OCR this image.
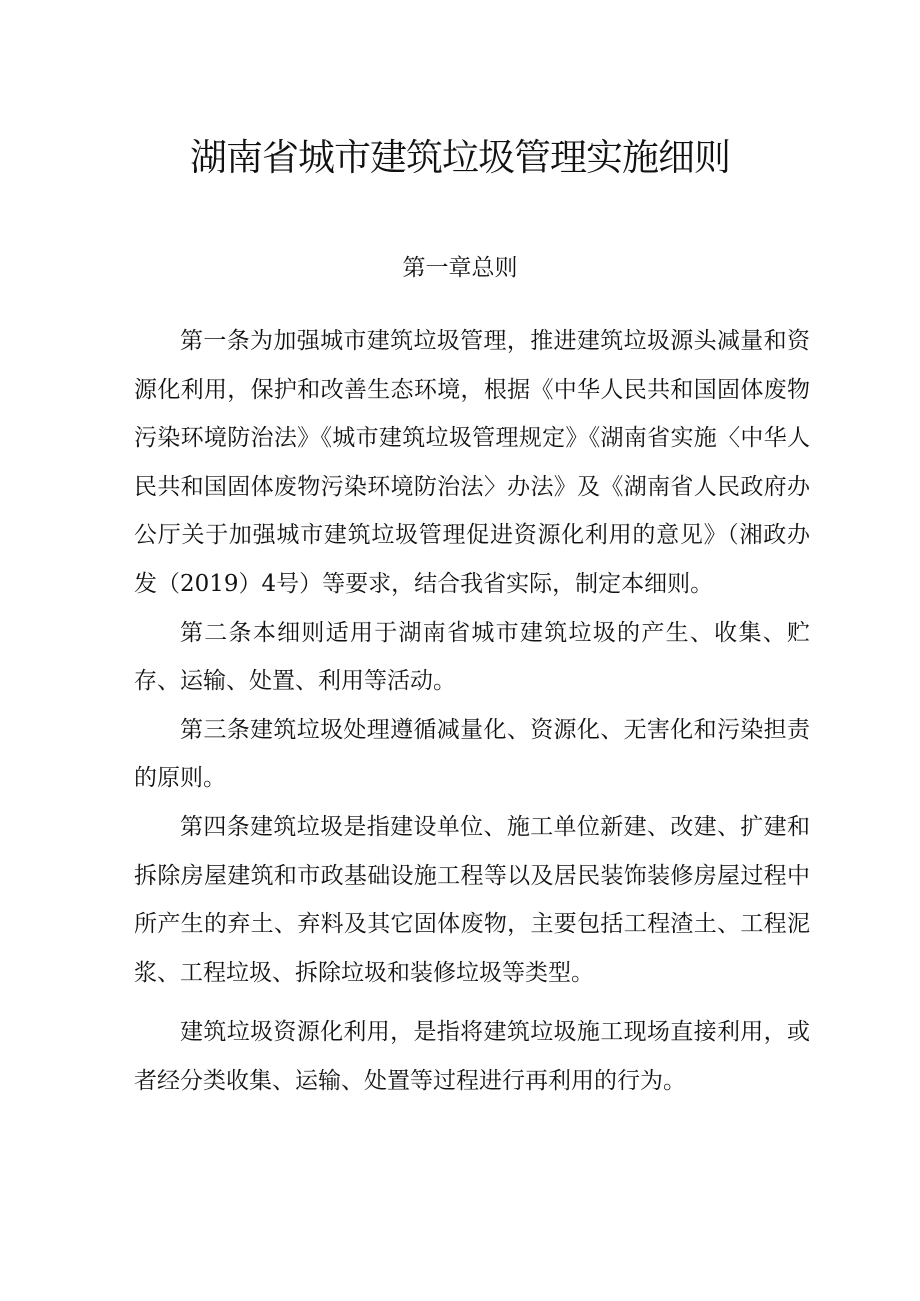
湖南省城市建筑垃圾管理实施细则
第一章总则

第一条为加强城市建筑垃圾管理，推进建筑垃圾源头减量和资源化利用，保护和改善生态环境，根据《中华人民共和国固体废物污染环境防治法》《城市建筑垃圾管理规定》《湖南省实施〈中华人民共和国固体废物污染环境防治法〉办法》及《湖南省人民政府办公厅关于加强城市建筑垃圾管理促进资源化利用的意见》（湘政办发（2019）4号）等要求，结合我省实际，制定本细则。

第二条本细则适用于湖南省城市建筑垃圾的产生、收集、贮存、运输、处置、利用等活动。

第三条建筑垃圾处理遵循减量化、资源化、无害化和污染担责的原则。

第四条建筑垃圾是指建设单位、施工单位新建、改建、扩建和拆除房屋建筑和市政基础设施工程等以及居民装饰装修房屋过程中所产生的弃土、弃料及其它固体废物，主要包括工程渣土、工程泥浆、工程垃圾、拆除垃圾和装修垃圾等类型。

建筑垃圾资源化利用，是指将建筑垃圾施工现场直接利用，或者经分类收集、运输、处置等过程进行再利用的行为。
